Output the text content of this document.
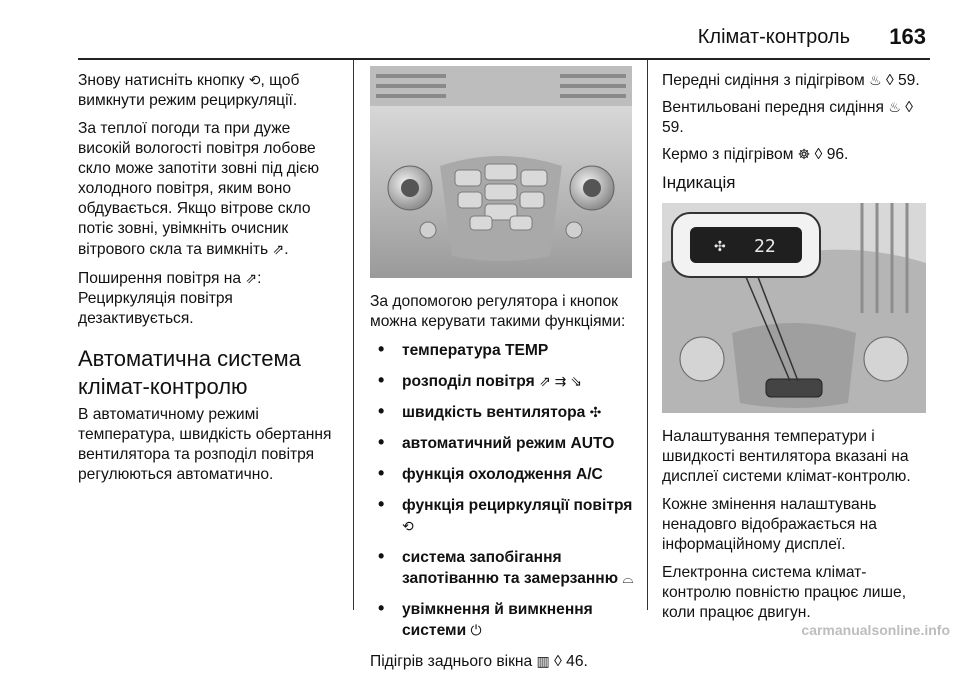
Клімат-контроль 163

Знову натисніть кнопку ⟲, щоб вимкнути режим рециркуляції.

За теплої погоди та при дуже високій вологості повітря лобове скло може запотіти зовні під дією холодного повітря, яким воно обдувається. Якщо вітрове скло потіє зовні, увімкніть очисник вітрового скла та вимкніть ⇗.

Поширення повітря на ⇗: Рециркуляція повітря дезактивується.

Автоматична система клімат-контролю

В автоматичному режимі температура, швидкість обертання вентилятора та розподіл повітря регулюються автоматично.

За допомогою регулятора і кнопок можна керувати такими функціями:

• температура TEMP
• розподіл повітря ⇗ ⇉ ⇘
• швидкість вентилятора ✣
• автоматичний режим AUTO
• функція охолодження A/C
• функція рециркуляції повітря ⟲
• система запобігання запотіванню та замерзанню ⌓
• увімкнення й вимкнення системи ⏻

Підігрів заднього вікна ▥ ◊ 46.

Передні сидіння з підігрівом ♨ ◊ 59.

Вентильовані передня сидіння ♨ ◊ 59.

Кермо з підігрівом ☸ ◊ 96.

Індикація
✣ 22

Налаштування температури і швидкості вентилятора вказані на дисплеї системи клімат-контролю.

Кожне змінення налаштувань ненадовго відображається на інформаційному дисплеї.

Електронна система клімат-контролю повністю працює лише, коли працює двигун.

carmanualsonline.info
